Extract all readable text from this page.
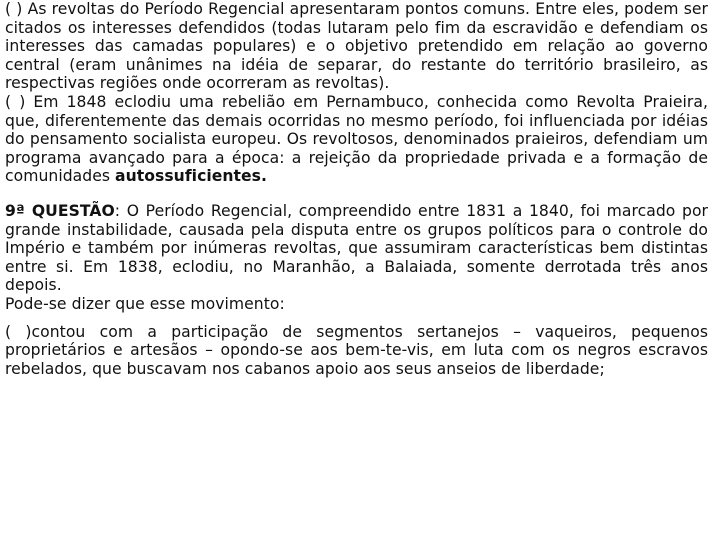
( ) As revoltas do Período Regencial apresentaram pontos comuns. Entre eles, podem ser citados os interesses defendidos (todas lutaram pelo fim da escravidão e defendiam os interesses das camadas populares) e o objetivo pretendido em relação ao governo central (eram unânimes na idéia de separar, do restante do território brasileiro, as respectivas regiões onde ocorreram as revoltas).

( ) Em 1848 eclodiu uma rebelião em Pernambuco, conhecida como Revolta Praieira, que, diferentemente das demais ocorridas no mesmo período, foi influenciada por idéias do pensamento socialista europeu. Os revoltosos, denominados praieiros, defendiam um programa avançado para a época: a rejeição da propriedade privada e a formação de comunidades autossuficientes.

9ª QUESTÃO: O Período Regencial, compreendido entre 1831 a 1840, foi marcado por grande instabilidade, causada pela disputa entre os grupos políticos para o controle do Império e também por inúmeras revoltas, que assumiram características bem distintas entre si. Em 1838, eclodiu, no Maranhão, a Balaiada, somente derrotada três anos depois.

Pode-se dizer que esse movimento:

( )contou com a participação de segmentos sertanejos – vaqueiros, pequenos proprietários e artesãos – opondo-se aos bem-te-vis, em luta com os negros escravos rebelados, que buscavam nos cabanos apoio aos seus anseios de liberdade;
